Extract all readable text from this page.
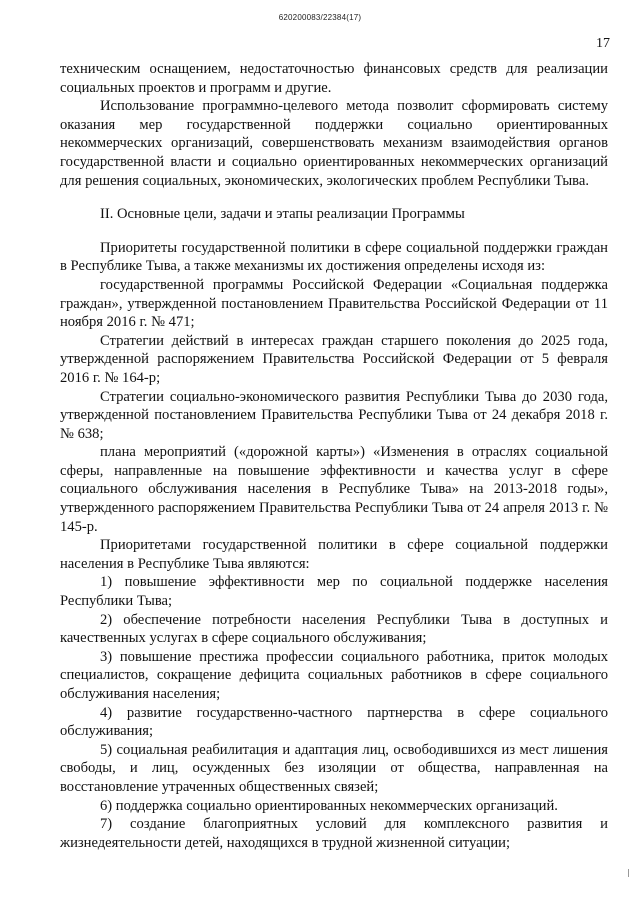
620200083/22384(17)
17

техническим оснащением, недостаточностью финансовых средств для реализации социальных проектов и программ и другие.

Использование программно-целевого метода позволит сформировать систему оказания мер государственной поддержки социально ориентированных некоммерческих организаций, совершенствовать механизм взаимодействия органов государственной власти и социально ориентированных некоммерческих организаций для решения социальных, экономических, экологических проблем Республики Тыва.

II. Основные цели, задачи и этапы реализации Программы

Приоритеты государственной политики в сфере социальной поддержки граждан в Республике Тыва, а также механизмы их достижения определены исходя из:

государственной программы Российской Федерации «Социальная поддержка граждан», утвержденной постановлением Правительства Российской Федерации от 11 ноября 2016 г. № 471;

Стратегии действий в интересах граждан старшего поколения до 2025 года, утвержденной распоряжением Правительства Российской Федерации от 5 февраля 2016 г. № 164-р;

Стратегии социально-экономического развития Республики Тыва до 2030 года, утвержденной постановлением Правительства Республики Тыва от 24 декабря 2018 г. № 638;

плана мероприятий («дорожной карты») «Изменения в отраслях социальной сферы, направленные на повышение эффективности и качества услуг в сфере социального обслуживания населения в Республике Тыва» на 2013-2018 годы», утвержденного распоряжением Правительства Республики Тыва от 24 апреля 2013 г. № 145-р.

Приоритетами государственной политики в сфере социальной поддержки населения в Республике Тыва являются:

1) повышение эффективности мер по социальной поддержке населения Республики Тыва;

2) обеспечение потребности населения Республики Тыва в доступных и качественных услугах в сфере социального обслуживания;

3) повышение престижа профессии социального работника, приток молодых специалистов, сокращение дефицита социальных работников в сфере социального обслуживания населения;

4) развитие государственно-частного партнерства в сфере социального обслуживания;

5) социальная реабилитация и адаптация лиц, освободившихся из мест лишения свободы, и лиц, осужденных без изоляции от общества, направленная на восстановление утраченных общественных связей;

6) поддержка социально ориентированных некоммерческих организаций.

7) создание благоприятных условий для комплексного развития и жизнедеятельности детей, находящихся в трудной жизненной ситуации;
